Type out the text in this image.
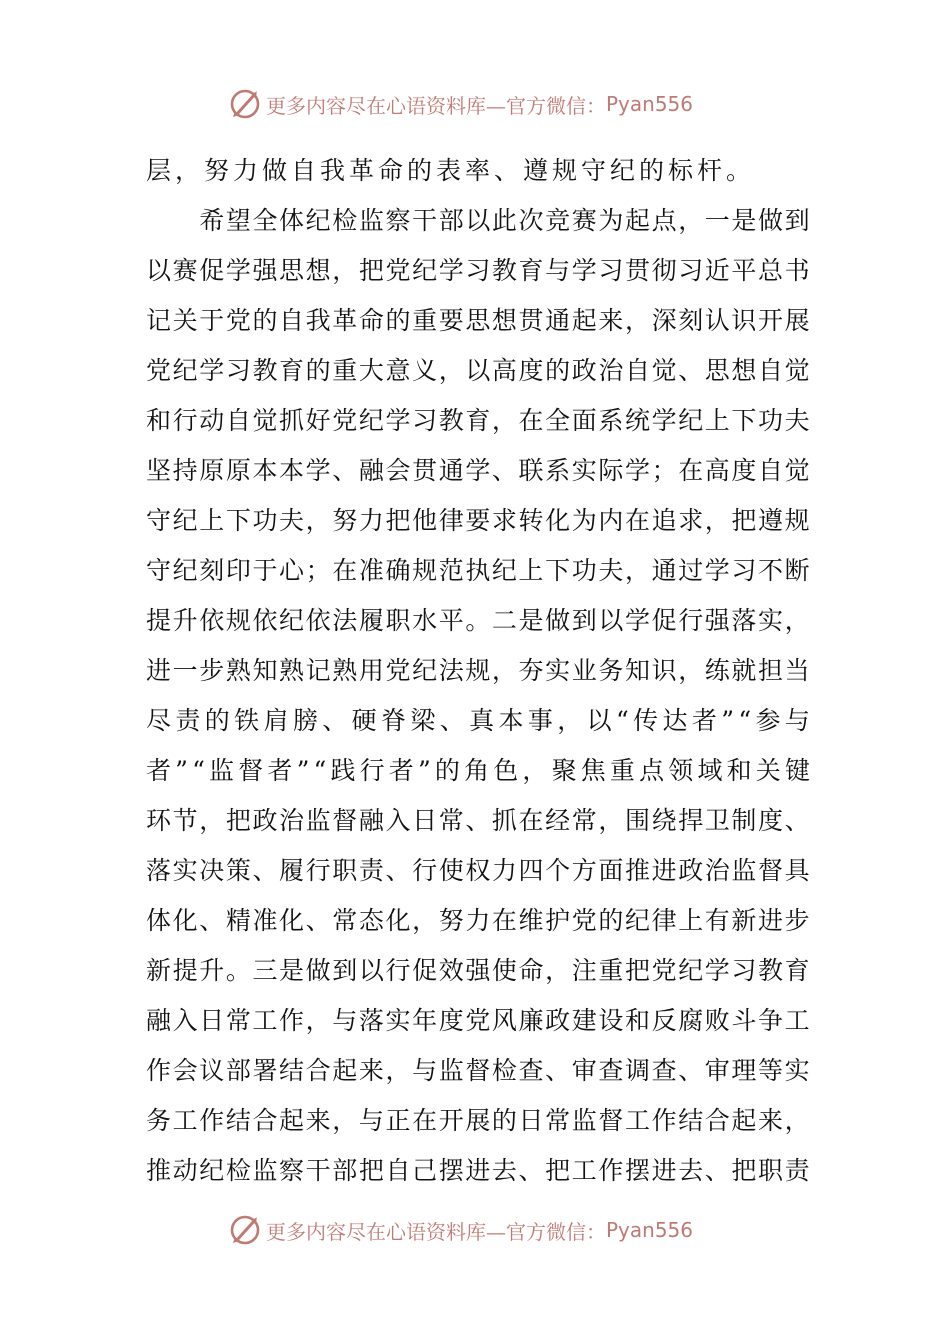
更多内容尽在心语资料库—官方微信： Pyan556
层，努力做自我革命的表率、遵规守纪的标杆。

希 望 全 体 纪 检 监 察 干 部 以 此 次 竞 赛 为 起 点 ， 一 是 做 到
以 赛 促 学 强 思 想 ， 把 党 纪 学 习 教 育 与 学 习 贯 彻 习 近 平 总 书
记 关 于 党 的 自 我 革 命 的 重 要 思 想 贯 通 起 来 ， 深 刻 认 识 开 展
党 纪 学 习 教 育 的 重 大 意 义 ， 以 高 度 的 政 治 自 觉 、 思 想 自 觉
和 行 动 自 觉 抓 好 党 纪 学 习 教 育 ， 在 全 面 系 统 学 纪 上 下 功 夫
坚 持 原 原 本 本 学 、 融 会 贯 通 学 、 联 系 实 际 学 ； 在 高 度 自 觉
守 纪 上 下 功 夫 ， 努 力 把 他 律 要 求 转 化 为 内 在 追 求 ， 把 遵 规
守 纪 刻 印 于 心 ； 在 准 确 规 范 执 纪 上 下 功 夫 ， 通 过 学 习 不 断
提 升 依 规 依 纪 依 法 履 职 水 平 。 二 是 做 到 以 学 促 行 强 落 实 ，
进 一 步 熟 知 熟 记 熟 用 党 纪 法 规 ， 夯 实 业 务 知 识 ， 练 就 担 当
尽 责 的 铁 肩 膀 、 硬 脊 梁 、 真 本 事 ， 以 “ 传 达 者 ” “ 参 与
者 ” “ 监 督 者 ” “ 践 行 者 ” 的 角 色 ， 聚 焦 重 点 领 域 和 关 键
环 节 ， 把 政 治 监 督 融 入 日 常 、 抓 在 经 常 ， 围 绕 捍 卫 制 度 、
落 实 决 策 、 履 行 职 责 、 行 使 权 力 四 个 方 面 推 进 政 治 监 督 具
体 化 、 精 准 化 、 常 态 化 ， 努 力 在 维 护 党 的 纪 律 上 有 新 进 步
新 提 升 。 三 是 做 到 以 行 促 效 强 使 命 ， 注 重 把 党 纪 学 习 教 育
融 入 日 常 工 作 ， 与 落 实 年 度 党 风 廉 政 建 设 和 反 腐 败 斗 争 工
作 会 议 部 署 结 合 起 来 ， 与 监 督 检 查 、 审 查 调 查 、 审 理 等 实
务 工 作 结 合 起 来 ， 与 正 在 开 展 的 日 常 监 督 工 作 结 合 起 来 ，
推 动 纪 检 监 察 干 部 把 自 己 摆 进 去 、 把 工 作 摆 进 去 、 把 职 责
更多内容尽在心语资料库—官方微信： Pyan556
